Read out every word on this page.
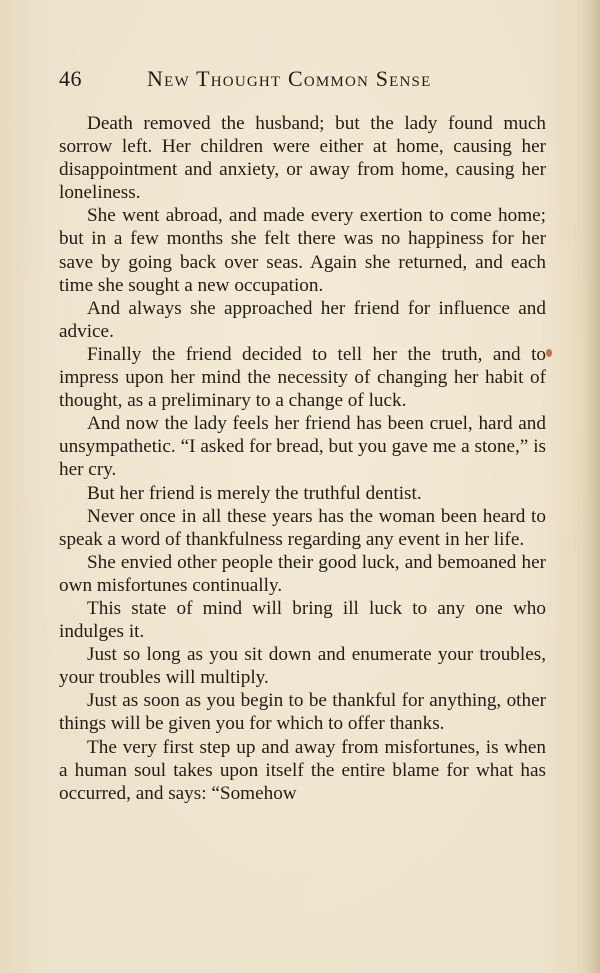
46	New Thought Common Sense

Death removed the husband; but the lady found much sorrow left. Her children were either at home, causing her disappointment and anxiety, or away from home, causing her loneliness.

She went abroad, and made every exertion to come home; but in a few months she felt there was no happiness for her save by going back over seas. Again she returned, and each time she sought a new occupation.

And always she approached her friend for influence and advice.

Finally the friend decided to tell her the truth, and to impress upon her mind the necessity of changing her habit of thought, as a preliminary to a change of luck.

And now the lady feels her friend has been cruel, hard and unsympathetic. “I asked for bread, but you gave me a stone,” is her cry.

But her friend is merely the truthful dentist.

Never once in all these years has the woman been heard to speak a word of thankfulness regarding any event in her life.

She envied other people their good luck, and bemoaned her own misfortunes continually.

This state of mind will bring ill luck to any one who indulges it.

Just so long as you sit down and enumerate your troubles, your troubles will multiply.

Just as soon as you begin to be thankful for anything, other things will be given you for which to offer thanks.

The very first step up and away from misfortunes, is when a human soul takes upon itself the entire blame for what has occurred, and says: “Somehow
